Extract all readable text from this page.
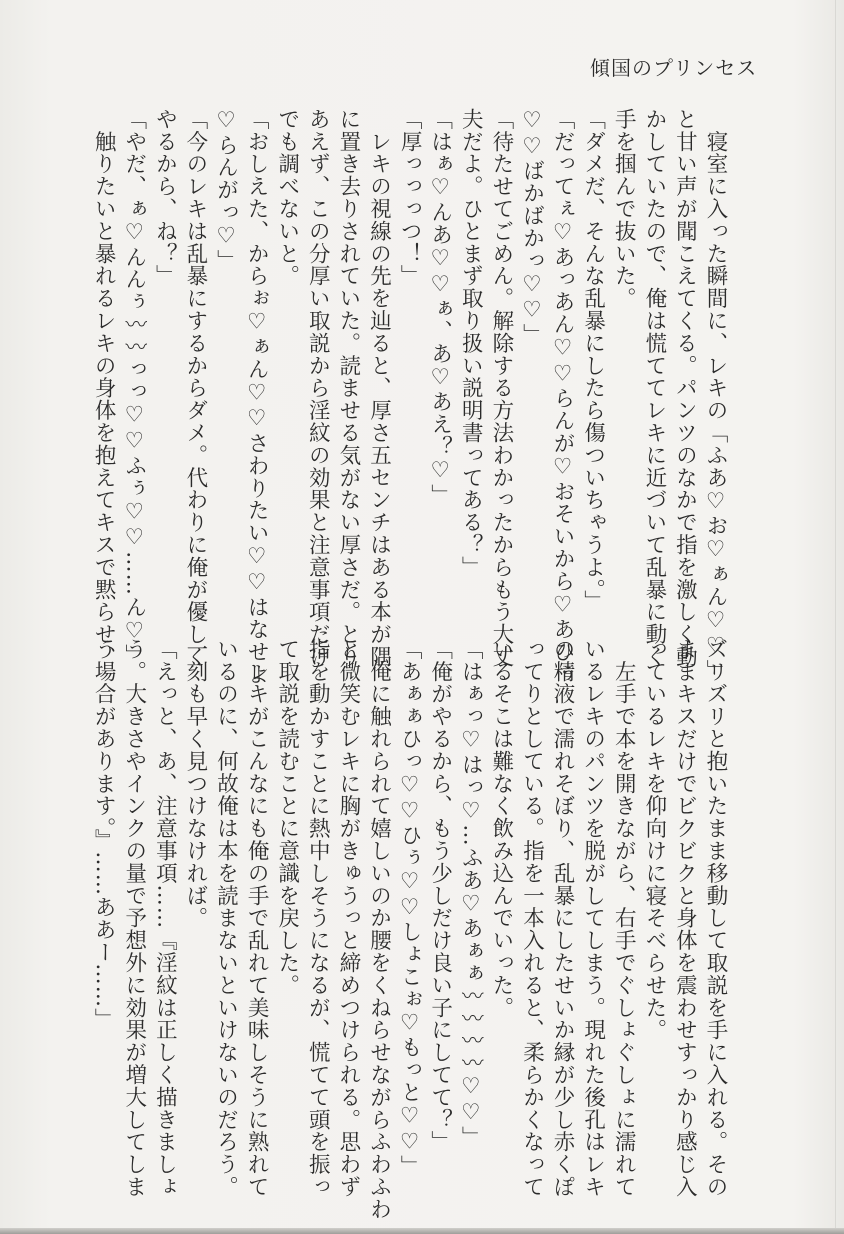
傾国のプリンセス
　寝室に入った瞬間に、レキの「ふあ♡お♡ぁん♡♡」
と甘い声が聞こえてくる。パンツのなかで指を激しく動
かしていたので、俺は慌ててレキに近づいて乱暴に動く
手を掴んで抜いた。
「ダメだ、そんな乱暴にしたら傷ついちゃうよ。」
「だってぇ♡あっあん♡♡らんが♡おそいから♡あひぅ
♡♡ばかばかっ♡♡」
「待たせてごめん。解除する方法わかったからもう大丈
夫だよ。ひとまず取り扱い説明書ってある？」
「はぁ♡んあ♡♡ぁ、あ♡あえ？♡」
「厚っっっつ！」
　レキの視線の先を辿ると、厚さ五センチはある本が隅
に置き去りされていた。読ませる気がない厚さだ。とり
あえず、この分厚い取説から淫紋の効果と注意事項だけ
でも調べないと。
「おしえた、からぉ♡ぁん♡♡さわりたい♡♡はなせよ
♡らんがっ♡」
「今のレキは乱暴にするからダメ。代わりに俺が優しく
やるから、ね？」
「やだ、ぁ♡んんぅ〰〰っっ♡♡ふぅ♡♡……ん♡」
　触りたいと暴れるレキの身体を抱えてキスで黙らせ、
ズリズリと抱いたまま移動して取説を手に入れる。その
ままキスだけでビクビクと身体を震わせすっかり感じ入
っているレキを仰向けに寝そべらせた。
　左手で本を開きながら、右手でぐしょぐしょに濡れて
いるレキのパンツを脱がしてしまう。現れた後孔はレキ
の精液で濡れそぼり、乱暴にしたせいか縁が少し赤くぽ
ってりとしている。指を一本入れると、柔らかくなって
いるそこは難なく飲み込んでいった。
「はぁっ♡はっ♡…ふあ♡あぁぁ〰〰〰〰♡♡」
「俺がやるから、もう少しだけ良い子にしてて？」
「あぁぁひっ♡♡ひぅ♡♡しょこぉ♡もっと♡♡」
　俺に触れられて嬉しいのか腰をくねらせながらふわふわ
と微笑むレキに胸がきゅうっと締めつけられる。思わず
指を動かすことに熱中しそうになるが、慌てて頭を振っ
て取説を読むことに意識を戻した。
　レキがこんなにも俺の手で乱れて美味しそうに熟れて
いるのに、何故俺は本を読まないといけないのだろう。
一刻も早く見つけなければ。
「えっと、あ、注意事項……『淫紋は正しく描きましょ
う。大きさやインクの量で予想外に効果が増大してしま
う場合があります。』……ああー……」
